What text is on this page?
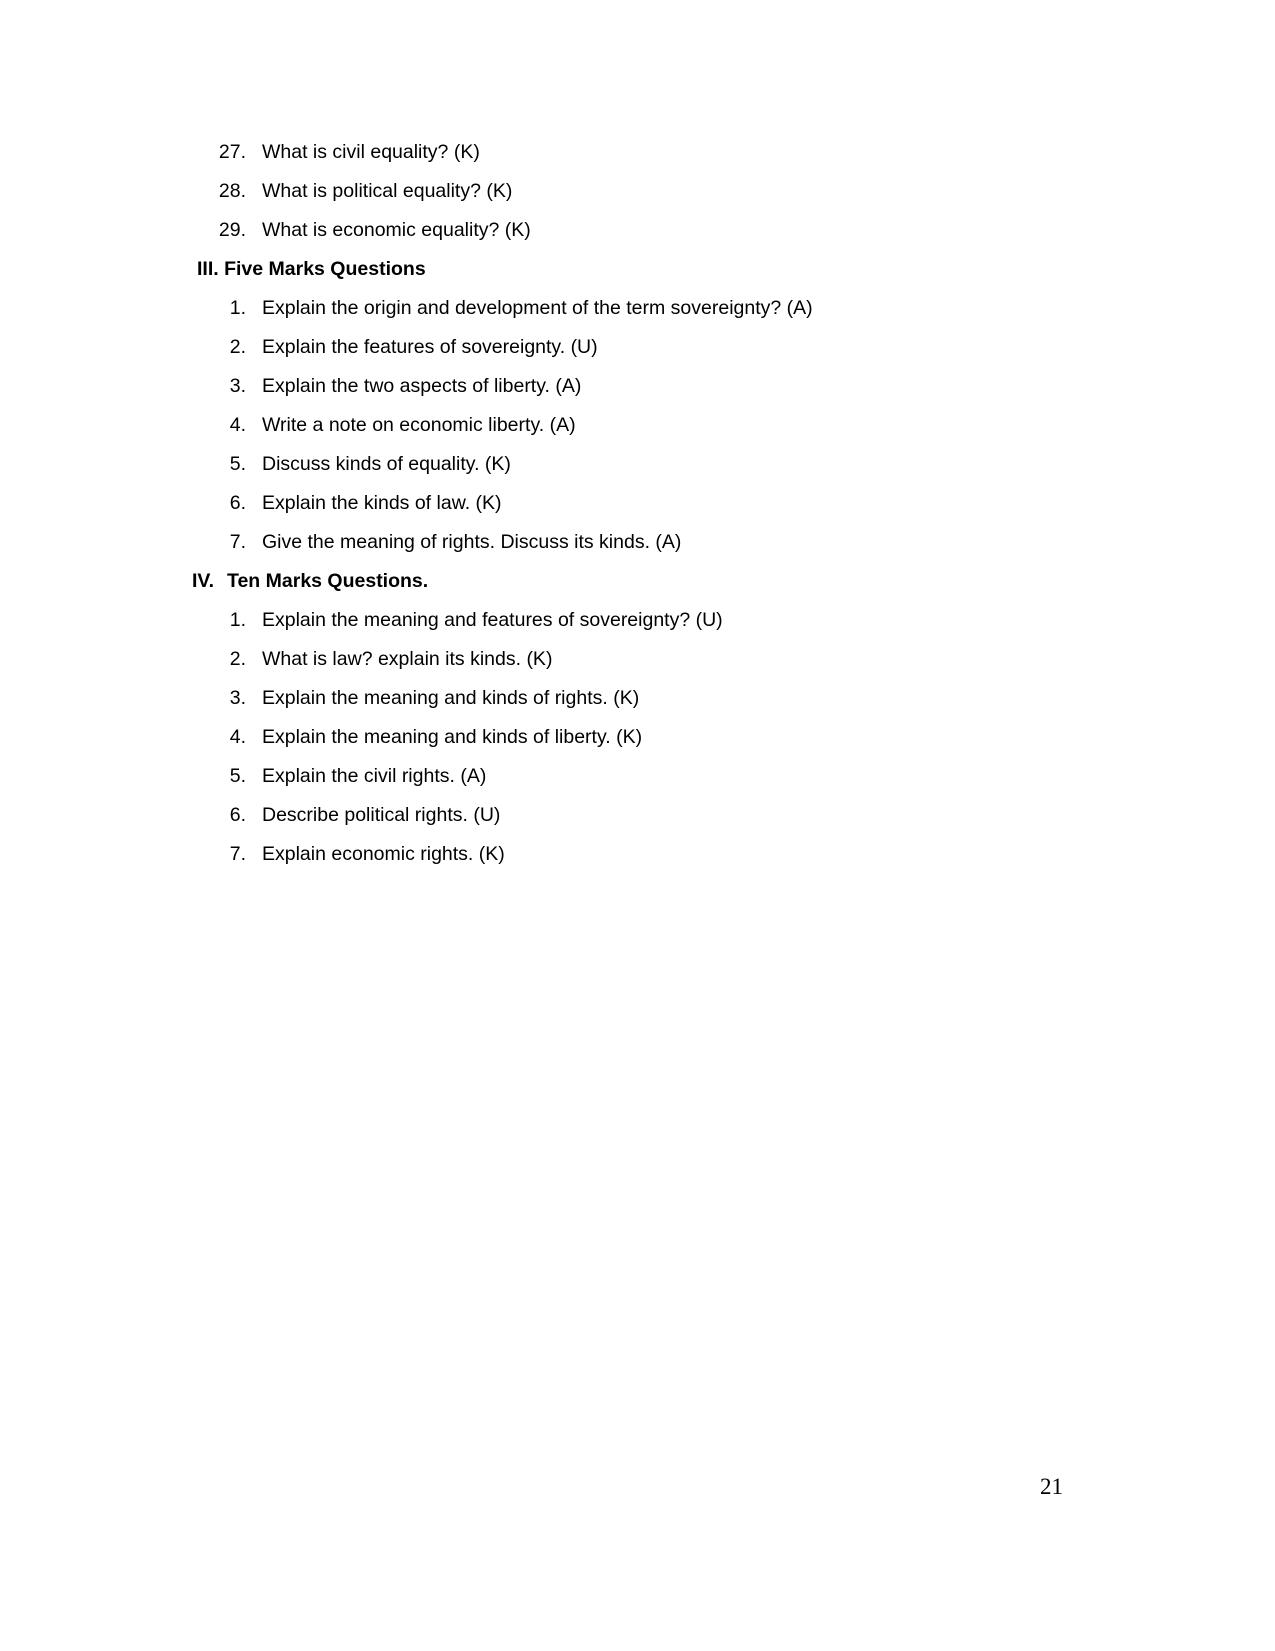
27. What is civil equality? (K)
28. What is political equality? (K)
29. What is economic equality? (K)
III. Five Marks Questions
1. Explain the origin and development of the term sovereignty? (A)
2. Explain the features of sovereignty. (U)
3. Explain the two aspects of liberty. (A)
4. Write a note on economic liberty. (A)
5. Discuss kinds of equality. (K)
6. Explain the kinds of law. (K)
7. Give the meaning of rights. Discuss its kinds. (A)
IV. Ten Marks Questions.
1. Explain the meaning and features of sovereignty? (U)
2. What is law? explain its kinds. (K)
3. Explain the meaning and kinds of rights. (K)
4. Explain the meaning and kinds of liberty. (K)
5. Explain the civil rights. (A)
6. Describe political rights. (U)
7. Explain economic rights. (K)
21
